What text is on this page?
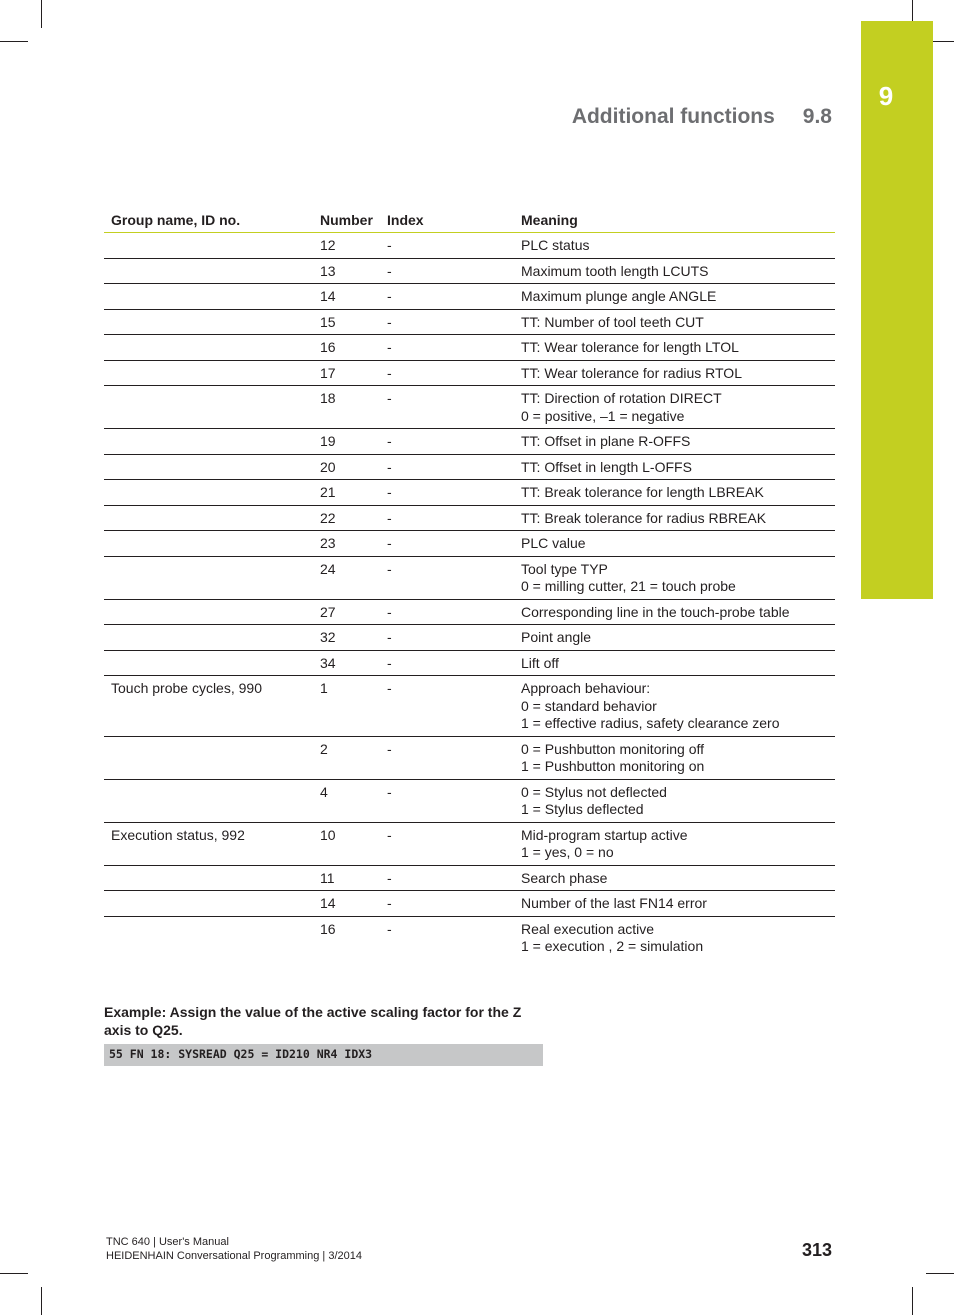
9
Additional functions 9.8
Group name, ID no.	Number	Index	Meaning
	12	-	PLC status

	13	-	Maximum tooth length LCUTS

	14	-	Maximum plunge angle ANGLE

	15	-	TT: Number of tool teeth CUT

	16	-	TT: Wear tolerance for length LTOL

	17	-	TT: Wear tolerance for radius RTOL

	18	-	TT: Direction of rotation DIRECT
0 = positive, –1 = negative

	19	-	TT: Offset in plane R-OFFS

	20	-	TT: Offset in length L-OFFS

	21	-	TT: Break tolerance for length LBREAK

	22	-	TT: Break tolerance for radius RBREAK

	23	-	PLC value

	24	-	Tool type TYP
0 = milling cutter, 21 = touch probe

	27	-	Corresponding line in the touch-probe table

	32	-	Point angle

	34	-	Lift off

Touch probe cycles, 990	1	-	Approach behaviour:
0 = standard behavior
1 = effective radius, safety clearance zero

	2	-	0 = Pushbutton monitoring off
1 = Pushbutton monitoring on

	4	-	0 = Stylus not deflected
1 = Stylus deflected

Execution status, 992	10	-	Mid-program startup active
1 = yes, 0 = no

	11	-	Search phase

	14	-	Number of the last FN14 error

	16	-	Real execution active
1 = execution , 2 = simulation
Example: Assign the value of the active scaling factor for the Z axis to Q25.
55 FN 18: SYSREAD Q25 = ID210 NR4 IDX3
TNC 640 | User's Manual
HEIDENHAIN Conversational Programming | 3/2014	313
